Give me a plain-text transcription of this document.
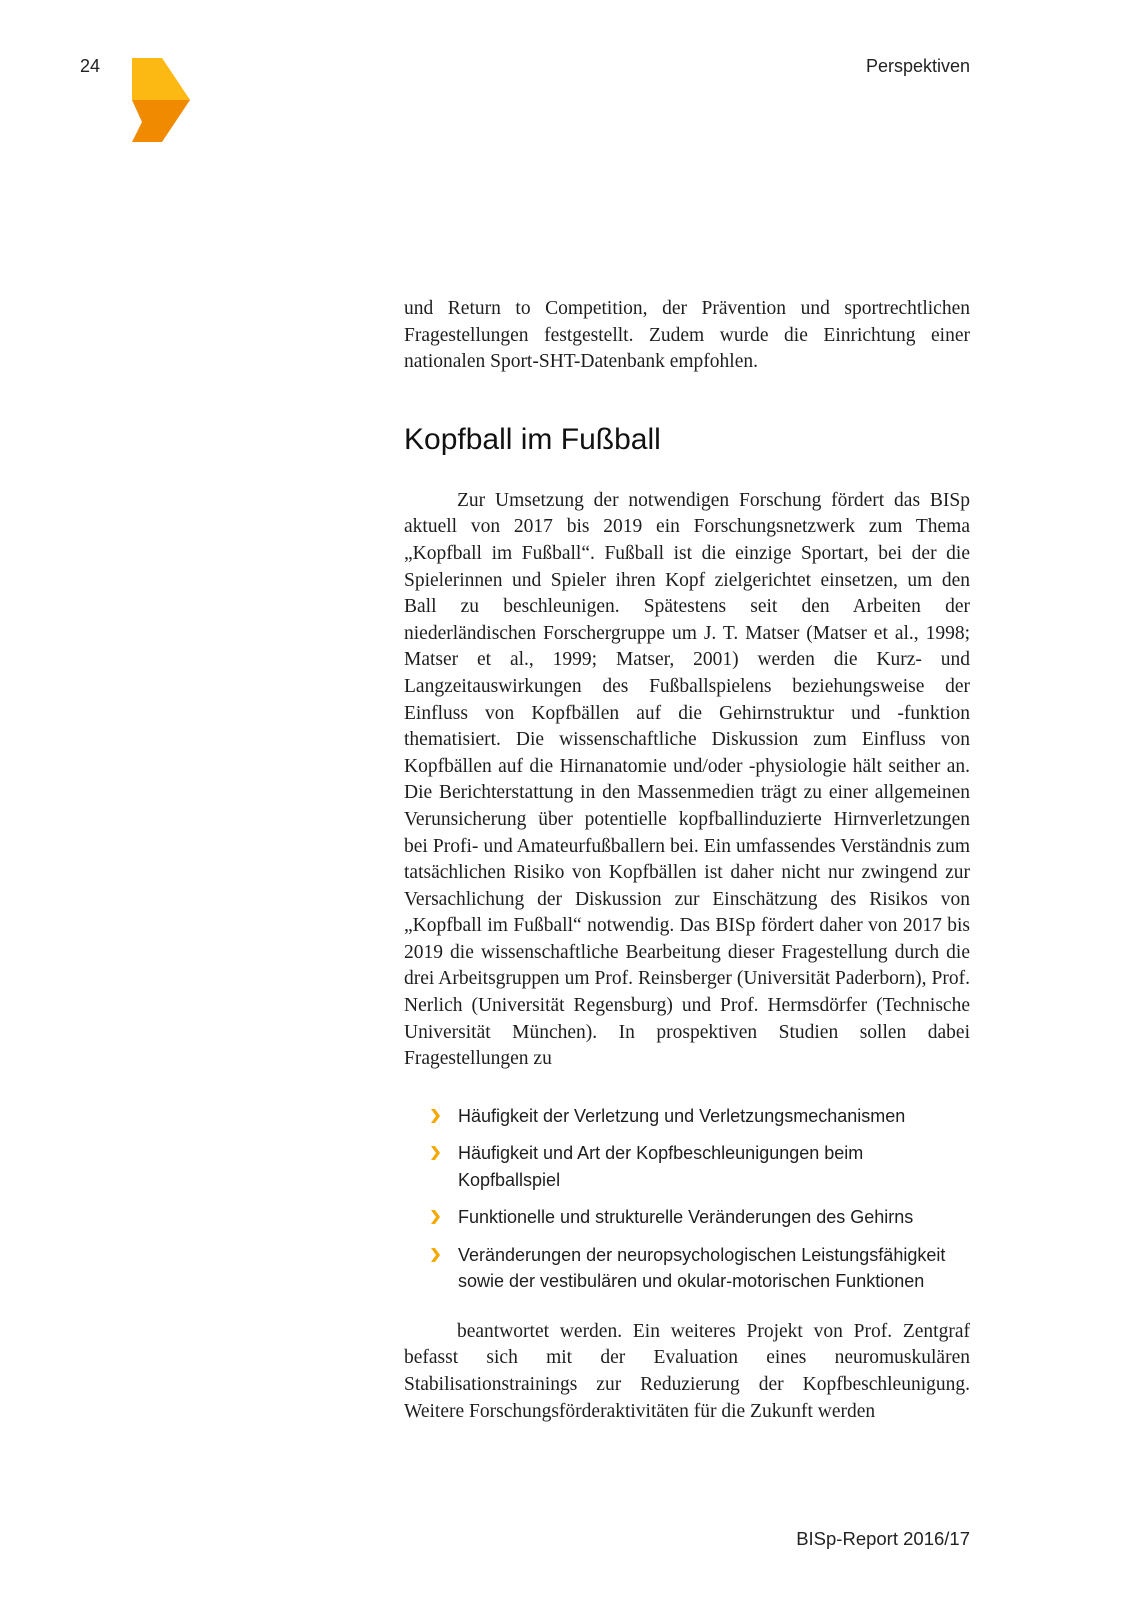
24	Perspektiven

und Return to Competition, der Prävention und sportrechtlichen Fragestellungen festgestellt. Zudem wurde die Einrichtung einer nationalen Sport-SHT-Datenbank empfohlen.

Kopfball im Fußball

Zur Umsetzung der notwendigen Forschung fördert das BISp aktuell von 2017 bis 2019 ein Forschungsnetzwerk zum Thema „Kopfball im Fußball“. Fußball ist die einzige Sportart, bei der die Spielerinnen und Spieler ihren Kopf zielgerichtet einsetzen, um den Ball zu beschleunigen. Spätestens seit den Arbeiten der niederländischen Forschergruppe um J. T. Matser (Matser et al., 1998; Matser et al., 1999; Matser, 2001) werden die Kurz- und Langzeitauswirkungen des Fußballspielens beziehungsweise der Einfluss von Kopfbällen auf die Gehirnstruktur und -funktion thematisiert. Die wissenschaftliche Diskussion zum Einfluss von Kopfbällen auf die Hirnanatomie und/oder -physiologie hält seither an. Die Berichterstattung in den Massenmedien trägt zu einer allgemeinen Verunsicherung über potentielle kopfballinduzierte Hirnverletzungen bei Profi- und Amateurfußballern bei. Ein umfassendes Verständnis zum tatsächlichen Risiko von Kopfbällen ist daher nicht nur zwingend zur Versachlichung der Diskussion zur Einschätzung des Risikos von „Kopfball im Fußball“ notwendig. Das BISp fördert daher von 2017 bis 2019 die wissenschaftliche Bearbeitung dieser Fragestellung durch die drei Arbeitsgruppen um Prof. Reinsberger (Universität Paderborn), Prof. Nerlich (Universität Regensburg) und Prof. Hermsdörfer (Technische Universität München). In prospektiven Studien sollen dabei Fragestellungen zu

Häufigkeit der Verletzung und Verletzungsmechanismen
Häufigkeit und Art der Kopfbeschleunigungen beim Kopfballspiel
Funktionelle und strukturelle Veränderungen des Gehirns
Veränderungen der neuropsychologischen Leistungsfähigkeit sowie der vestibulären und okular-motorischen Funktionen

beantwortet werden. Ein weiteres Projekt von Prof. Zentgraf befasst sich mit der Evaluation eines neuromuskulären Stabilisationstrainings zur Reduzierung der Kopfbeschleunigung. Weitere Forschungsförderaktivitäten für die Zukunft werden

BISp-Report 2016/17
